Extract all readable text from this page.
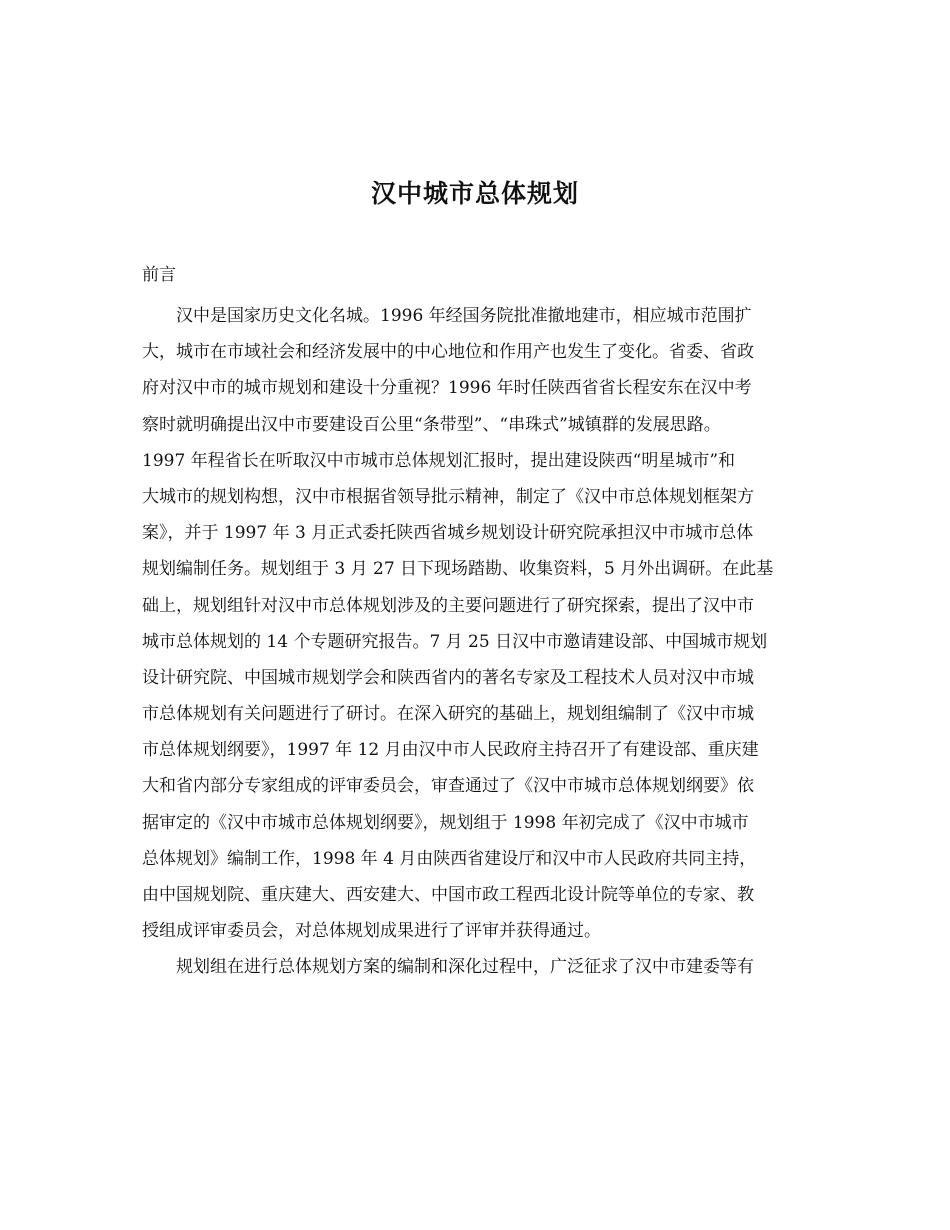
汉中城市总体规划
前言
汉中是国家历史文化名城。1996 年经国务院批准撤地建市，相应城市范围扩
大，城市在市域社会和经济发展中的中心地位和作用产也发生了变化。省委、省政
府对汉中市的城市规划和建设十分重视？1996 年时任陕西省省长程安东在汉中考
察时就明确提出汉中市要建设百公里“条带型”、“串珠式”城镇群的发展思路。
1997 年程省长在听取汉中市城市总体规划汇报时，提出建设陕西“明星城市”和
大城市的规划构想，汉中市根据省领导批示精神，制定了《汉中市总体规划框架方
案》，并于 1997 年 3 月正式委托陕西省城乡规划设计研究院承担汉中市城市总体
规划编制任务。规划组于 3 月 27 日下现场踏勘、收集资料，5 月外出调研。在此基
础上，规划组针对汉中市总体规划涉及的主要问题进行了研究探索，提出了汉中市
城市总体规划的 14 个专题研究报告。7 月 25 日汉中市邀请建设部、中国城市规划
设计研究院、中国城市规划学会和陕西省内的著名专家及工程技术人员对汉中市城
市总体规划有关问题进行了研讨。在深入研究的基础上，规划组编制了《汉中市城
市总体规划纲要》，1997 年 12 月由汉中市人民政府主持召开了有建设部、重庆建
大和省内部分专家组成的评审委员会，审查通过了《汉中市城市总体规划纲要》依
据审定的《汉中市城市总体规划纲要》，规划组于 1998 年初完成了《汉中市城市
总体规划》编制工作，1998 年 4 月由陕西省建设厅和汉中市人民政府共同主持，
由中国规划院、重庆建大、西安建大、中国市政工程西北设计院等单位的专家、教
授组成评审委员会，对总体规划成果进行了评审并获得通过。
规划组在进行总体规划方案的编制和深化过程中，广泛征求了汉中市建委等有
